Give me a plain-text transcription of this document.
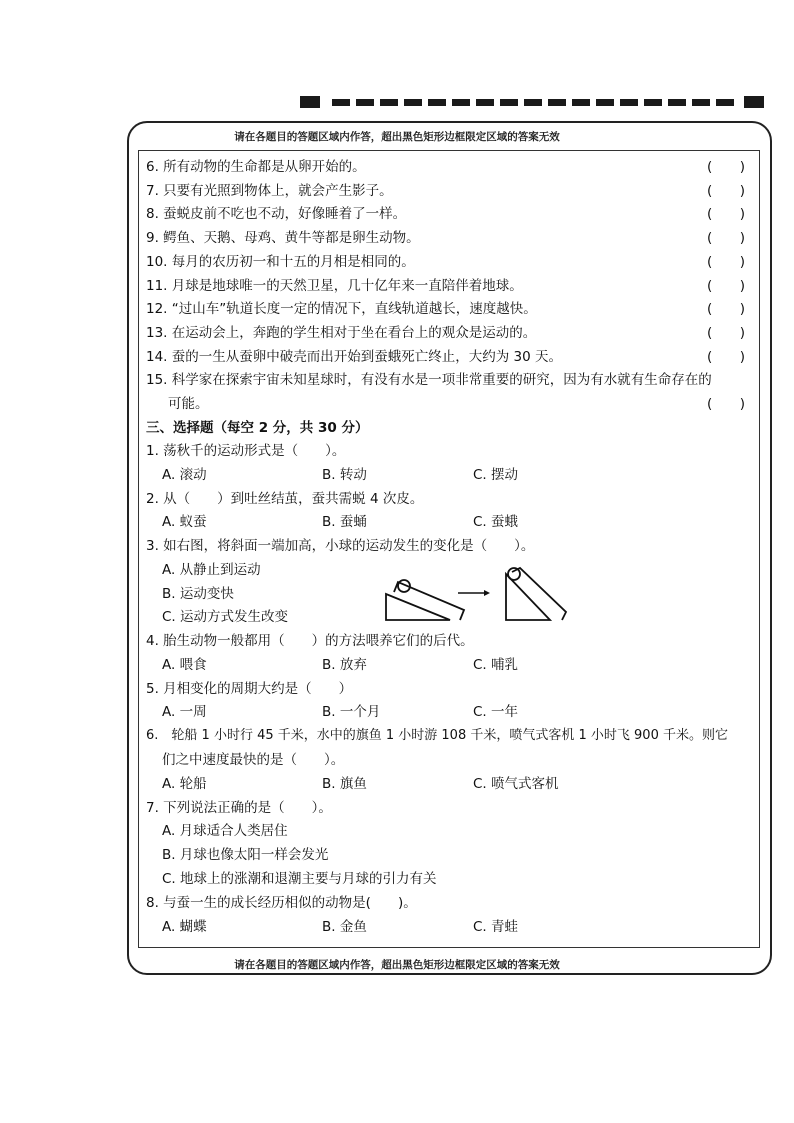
请在各题目的答题区域内作答，超出黑色矩形边框限定区域的答案无效
请在各题目的答题区域内作答，超出黑色矩形边框限定区域的答案无效
6. 所有动物的生命都是从卵开始的。	( )
7. 只要有光照到物体上，就会产生影子。	( )
8. 蚕蜕皮前不吃也不动，好像睡着了一样。	( )
9. 鳄鱼、天鹅、母鸡、黄牛等都是卵生动物。	( )
10. 每月的农历初一和十五的月相是相同的。	( )
11. 月球是地球唯一的天然卫星，几十亿年来一直陪伴着地球。	( )
12. “过山车”轨道长度一定的情况下，直线轨道越长，速度越快。	( )
13. 在运动会上，奔跑的学生相对于坐在看台上的观众是运动的。	( )
14. 蚕的一生从蚕卵中破壳而出开始到蚕蛾死亡终止，大约为 30 天。	( )
15. 科学家在探索宇宙未知星球时，有没有水是一项非常重要的研究，因为有水就有生命存在的
可能。	( )
三、选择题（每空 2 分，共 30 分）
1. 荡秋千的运动形式是（　　）。
A. 滚动	B. 转动	C. 摆动
2. 从（　　）到吐丝结茧，蚕共需蜕 4 次皮。
A. 蚁蚕	B. 蚕蛹	C. 蚕蛾
3. 如右图，将斜面一端加高，小球的运动发生的变化是（　　）。
A. 从静止到运动
B. 运动变快
C. 运动方式发生改变
4. 胎生动物一般都用（　　）的方法喂养它们的后代。
A. 喂食	B. 放弃	C. 哺乳
5. 月相变化的周期大约是（　　）
A. 一周	B. 一个月	C. 一年
6.　轮船 1 小时行 45 千米，水中的旗鱼 1 小时游 108 千米，喷气式客机 1 小时飞 900 千米。则它
们之中速度最快的是（　　）。
A. 轮船	B. 旗鱼	C. 喷气式客机
7. 下列说法正确的是（　　）。
A. 月球适合人类居住
B. 月球也像太阳一样会发光
C. 地球上的涨潮和退潮主要与月球的引力有关
8. 与蚕一生的成长经历相似的动物是(　　)。
A. 蝴蝶	B. 金鱼	C. 青蛙
